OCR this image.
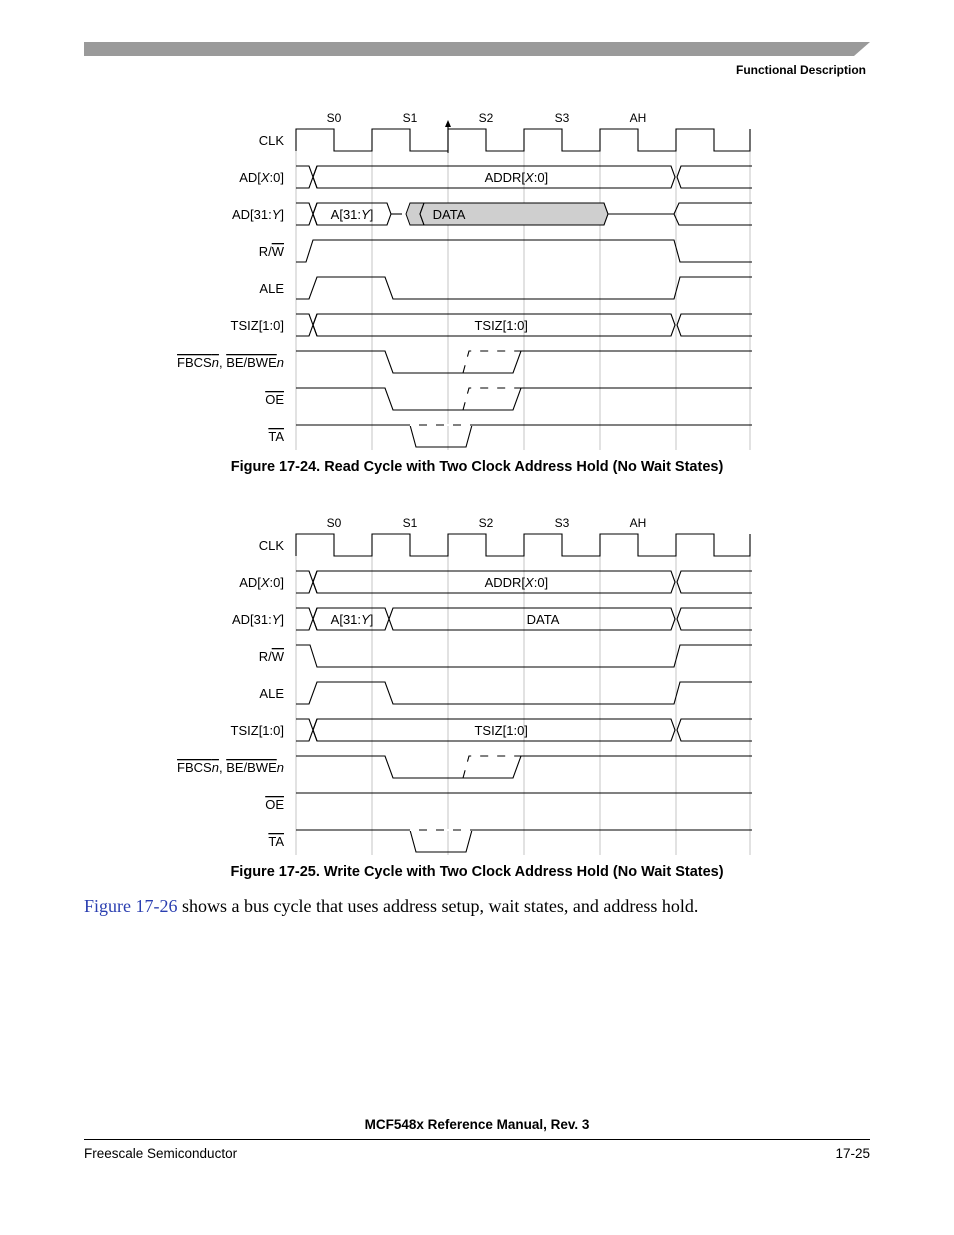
Functional Description
S0	S1	S2	S3	AH
CLK
AD[X:0]
AD[31:Y]
R/W
ALE
TSIZ[1:0]
FBCSn, BE/BWEn
OE
TA
ADDR[X:0]
A[31:Y]	DATA
TSIZ[1:0]
Figure 17-24. Read Cycle with Two Clock Address Hold (No Wait States)
S0	S1	S2	S3	AH
CLK
AD[X:0]
AD[31:Y]
R/W
ALE
TSIZ[1:0]
FBCSn, BE/BWEn
OE
TA
ADDR[X:0]
A[31:Y]	DATA
TSIZ[1:0]
Figure 17-25. Write Cycle with Two Clock Address Hold (No Wait States)
Figure 17-26 shows a bus cycle that uses address setup, wait states, and address hold.
MCF548x Reference Manual, Rev. 3
Freescale Semiconductor	17-25
